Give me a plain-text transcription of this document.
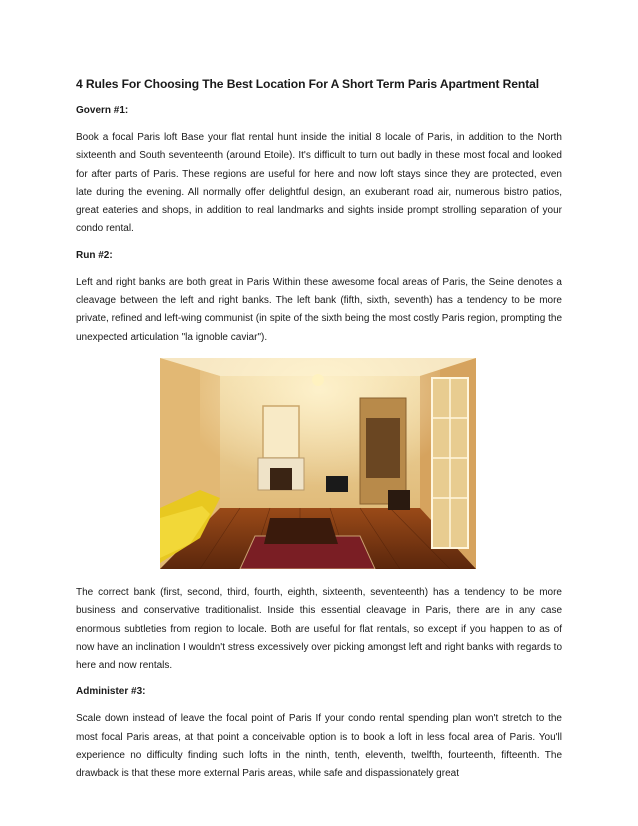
4 Rules For Choosing The Best Location For A Short Term Paris Apartment Rental
Govern #1:

Book a focal Paris loft Base your flat rental hunt inside the initial 8 locale of Paris, in addition to the North sixteenth and South seventeenth (around Etoile). It's difficult to turn out badly in these most focal and looked for after parts of Paris. These regions are useful for here and now loft stays since they are protected, even late during the evening. All normally offer delightful design, an exuberant road air, numerous bistro patios, great eateries and shops, in addition to real landmarks and sights inside prompt strolling separation of your condo rental.

Run #2:

Left and right banks are both great in Paris Within these awesome focal areas of Paris, the Seine denotes a cleavage between the left and right banks. The left bank (fifth, sixth, seventh) has a tendency to be more private, refined and left-wing communist (in spite of the sixth being the most costly Paris region, prompting the unexpected articulation "la ignoble caviar").

The correct bank (first, second, third, fourth, eighth, sixteenth, seventeenth) has a tendency to be more business and conservative traditionalist. Inside this essential cleavage in Paris, there are in any case enormous subtleties from region to locale. Both are useful for flat rentals, so except if you happen to as of now have an inclination I wouldn't stress excessively over picking amongst left and right banks with regards to here and now rentals.

Administer #3:

Scale down instead of leave the focal point of Paris If your condo rental spending plan won't stretch to the most focal Paris areas, at that point a conceivable option is to book a loft in less focal area of Paris. You'll experience no difficulty finding such lofts in the ninth, tenth, eleventh, twelfth, fourteenth, fifteenth. The drawback is that these more external Paris areas, while safe and dispassionately great
